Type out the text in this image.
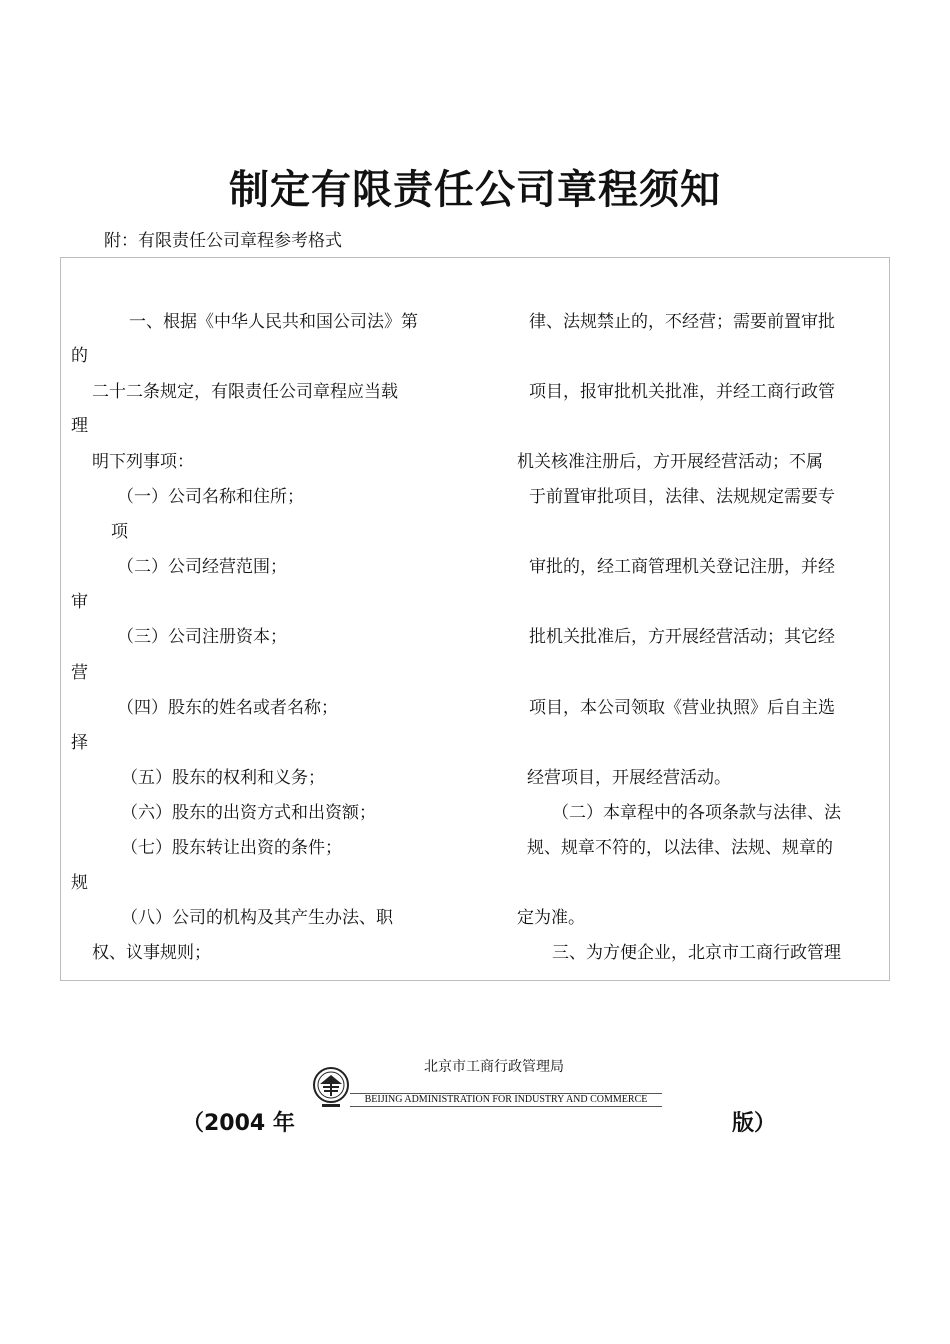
制定有限责任公司章程须知

附：有限责任公司章程参考格式

一、根据《中华人民共和国公司法》第

的

二十二条规定，有限责任公司章程应当载

理

明下列事项：

（一）公司名称和住所；

项

（二）公司经营范围；

审

（三）公司注册资本；

营

（四）股东的姓名或者名称；

择

（五）股东的权利和义务；

（六）股东的出资方式和出资额；

（七）股东转让出资的条件；

规

（八）公司的机构及其产生办法、职

权、议事规则；

律、法规禁止的，不经营；需要前置审批

项目，报审批机关批准，并经工商行政管

机关核准注册后，方开展经营活动；不属

于前置审批项目，法律、法规规定需要专

审批的，经工商管理机关登记注册，并经

批机关批准后，方开展经营活动；其它经

项目，本公司领取《营业执照》后自主选

经营项目，开展经营活动。

（二）本章程中的各项条款与法律、法

规、规章不符的，以法律、法规、规章的

定为准。

三、为方便企业，北京市工商行政管理

北京市工商行政管理局

BEIJING ADMINISTRATION FOR INDUSTRY AND COMMERCE

（2004 年	版）
